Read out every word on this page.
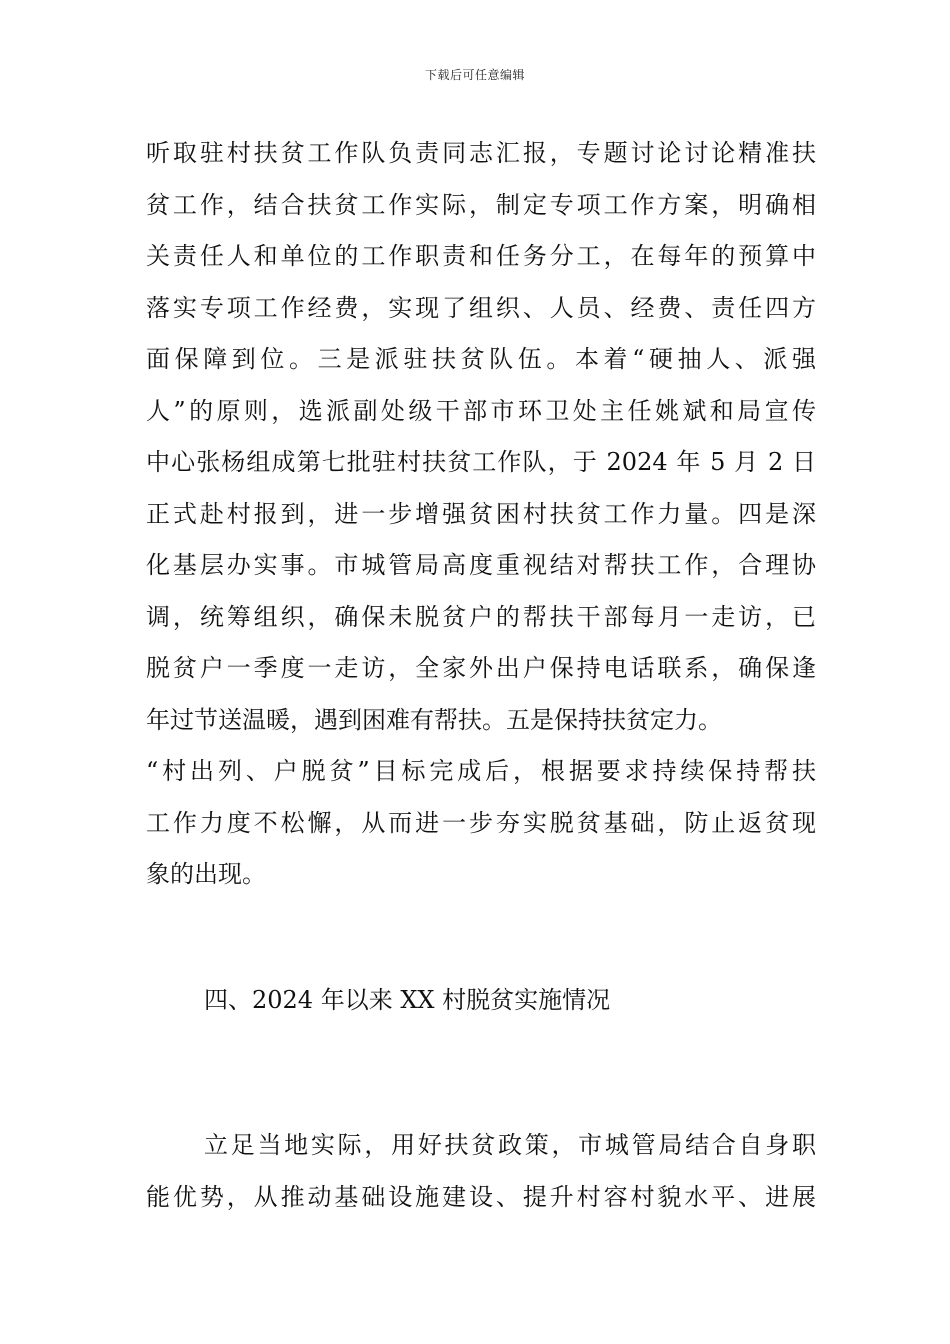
下载后可任意编辑
听取驻村扶贫工作队负责同志汇报，专题讨论讨论精准扶
贫工作，结合扶贫工作实际，制定专项工作方案，明确相
关责任人和单位的工作职责和任务分工，在每年的预算中
落实专项工作经费，实现了组织、人员、经费、责任四方
面保障到位。三是派驻扶贫队伍。本着“硬抽人、派强
人”的原则，选派副处级干部市环卫处主任姚斌和局宣传
中心张杨组成第七批驻村扶贫工作队，于 2024 年 5 月 2 日
正式赴村报到，进一步增强贫困村扶贫工作力量。四是深
化基层办实事。市城管局高度重视结对帮扶工作，合理协
调，统筹组织，确保未脱贫户的帮扶干部每月一走访，已
脱贫户一季度一走访，全家外出户保持电话联系，确保逢
年过节送温暖，遇到困难有帮扶。五是保持扶贫定力。
“村出列、户脱贫”目标完成后，根据要求持续保持帮扶
工作力度不松懈，从而进一步夯实脱贫基础，防止返贫现
象的出现。
四、2024 年以来 XX 村脱贫实施情况
立足当地实际，用好扶贫政策，市城管局结合自身职
能优势，从推动基础设施建设、提升村容村貌水平、进展
